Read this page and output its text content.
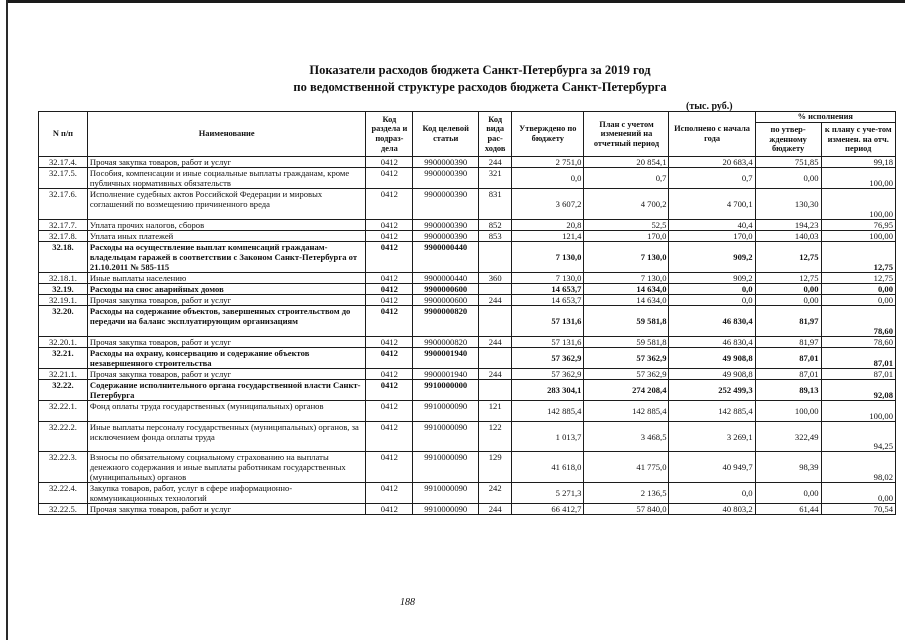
Показатели расходов бюджета Санкт-Петербурга за 2019 год
по ведомственной структуре расходов бюджета Санкт-Петербурга
(тыс. руб.)
N п/п	Наименование	Код раздела и подраз-дела	Код целевой статьи	Код вида рас-ходов	Утверждено по бюджету	План с учетом изменений на отчетный период	Исполнено с начала года	% исполнения	
								по утвер-жденному бюджету	к плану с уче-том изменен. на отч. период
32.17.4.	Прочая закупка товаров, работ и услуг	0412	9900000390	244	2 751,0	20 854,1	20 683,4	751,85	99,18
32.17.5.	Пособия, компенсации и иные социальные выплаты гражданам, кроме публичных нормативных обязательств	0412	9900000390	321	0,0	0,7	0,7	0,00	100,00
32.17.6.	Исполнение судебных актов Российской Федерации и мировых соглашений по возмещению причиненного вреда	0412	9900000390	831	3 607,2	4 700,2	4 700,1	130,30	100,00
32.17.7.	Уплата прочих налогов, сборов	0412	9900000390	852	20,8	52,5	40,4	194,23	76,95
32.17.8.	Уплата иных платежей	0412	9900000390	853	121,4	170,0	170,0	140,03	100,00
32.18.	Расходы на осуществление выплат компенсаций гражданам-владельцам гаражей в соответствии с Законом Санкт-Петербурга от 21.10.2011 № 585-115	0412	9900000440		7 130,0	7 130,0	909,2	12,75	12,75
32.18.1.	Иные выплаты населению	0412	9900000440	360	7 130,0	7 130,0	909,2	12,75	12,75
32.19.	Расходы на снос аварийных домов	0412	9900000600		14 653,7	14 634,0	0,0	0,00	0,00
32.19.1.	Прочая закупка товаров, работ и услуг	0412	9900000600	244	14 653,7	14 634,0	0,0	0,00	0,00
32.20.	Расходы на содержание объектов, завершенных строительством до передачи на баланс эксплуатирующим организациям	0412	9900000820		57 131,6	59 581,8	46 830,4	81,97	78,60
32.20.1.	Прочая закупка товаров, работ и услуг	0412	9900000820	244	57 131,6	59 581,8	46 830,4	81,97	78,60
32.21.	Расходы на охрану, консервацию и содержание объектов незавершенного строительства	0412	9900001940		57 362,9	57 362,9	49 908,8	87,01	87,01
32.21.1.	Прочая закупка товаров, работ и услуг	0412	9900001940	244	57 362,9	57 362,9	49 908,8	87,01	87,01
32.22.	Содержание исполнительного органа государственной власти Санкт-Петербурга	0412	9910000000		283 304,1	274 208,4	252 499,3	89,13	92,08
32.22.1.	Фонд оплаты труда государственных (муниципальных) органов	0412	9910000090	121	142 885,4	142 885,4	142 885,4	100,00	100,00
32.22.2.	Иные выплаты персоналу государственных (муниципальных) органов, за исключением фонда оплаты труда	0412	9910000090	122	1 013,7	3 468,5	3 269,1	322,49	94,25
32.22.3.	Взносы по обязательному социальному страхованию на выплаты денежного содержания и иные выплаты работникам государственных (муниципальных) органов	0412	9910000090	129	41 618,0	41 775,0	40 949,7	98,39	98,02
32.22.4.	Закупка товаров, работ, услуг в сфере информационно-коммуникационных технологий	0412	9910000090	242	5 271,3	2 136,5	0,0	0,00	0,00
32.22.5.	Прочая закупка товаров, работ и услуг	0412	9910000090	244	66 412,7	57 840,0	40 803,2	61,44	70,54
188
